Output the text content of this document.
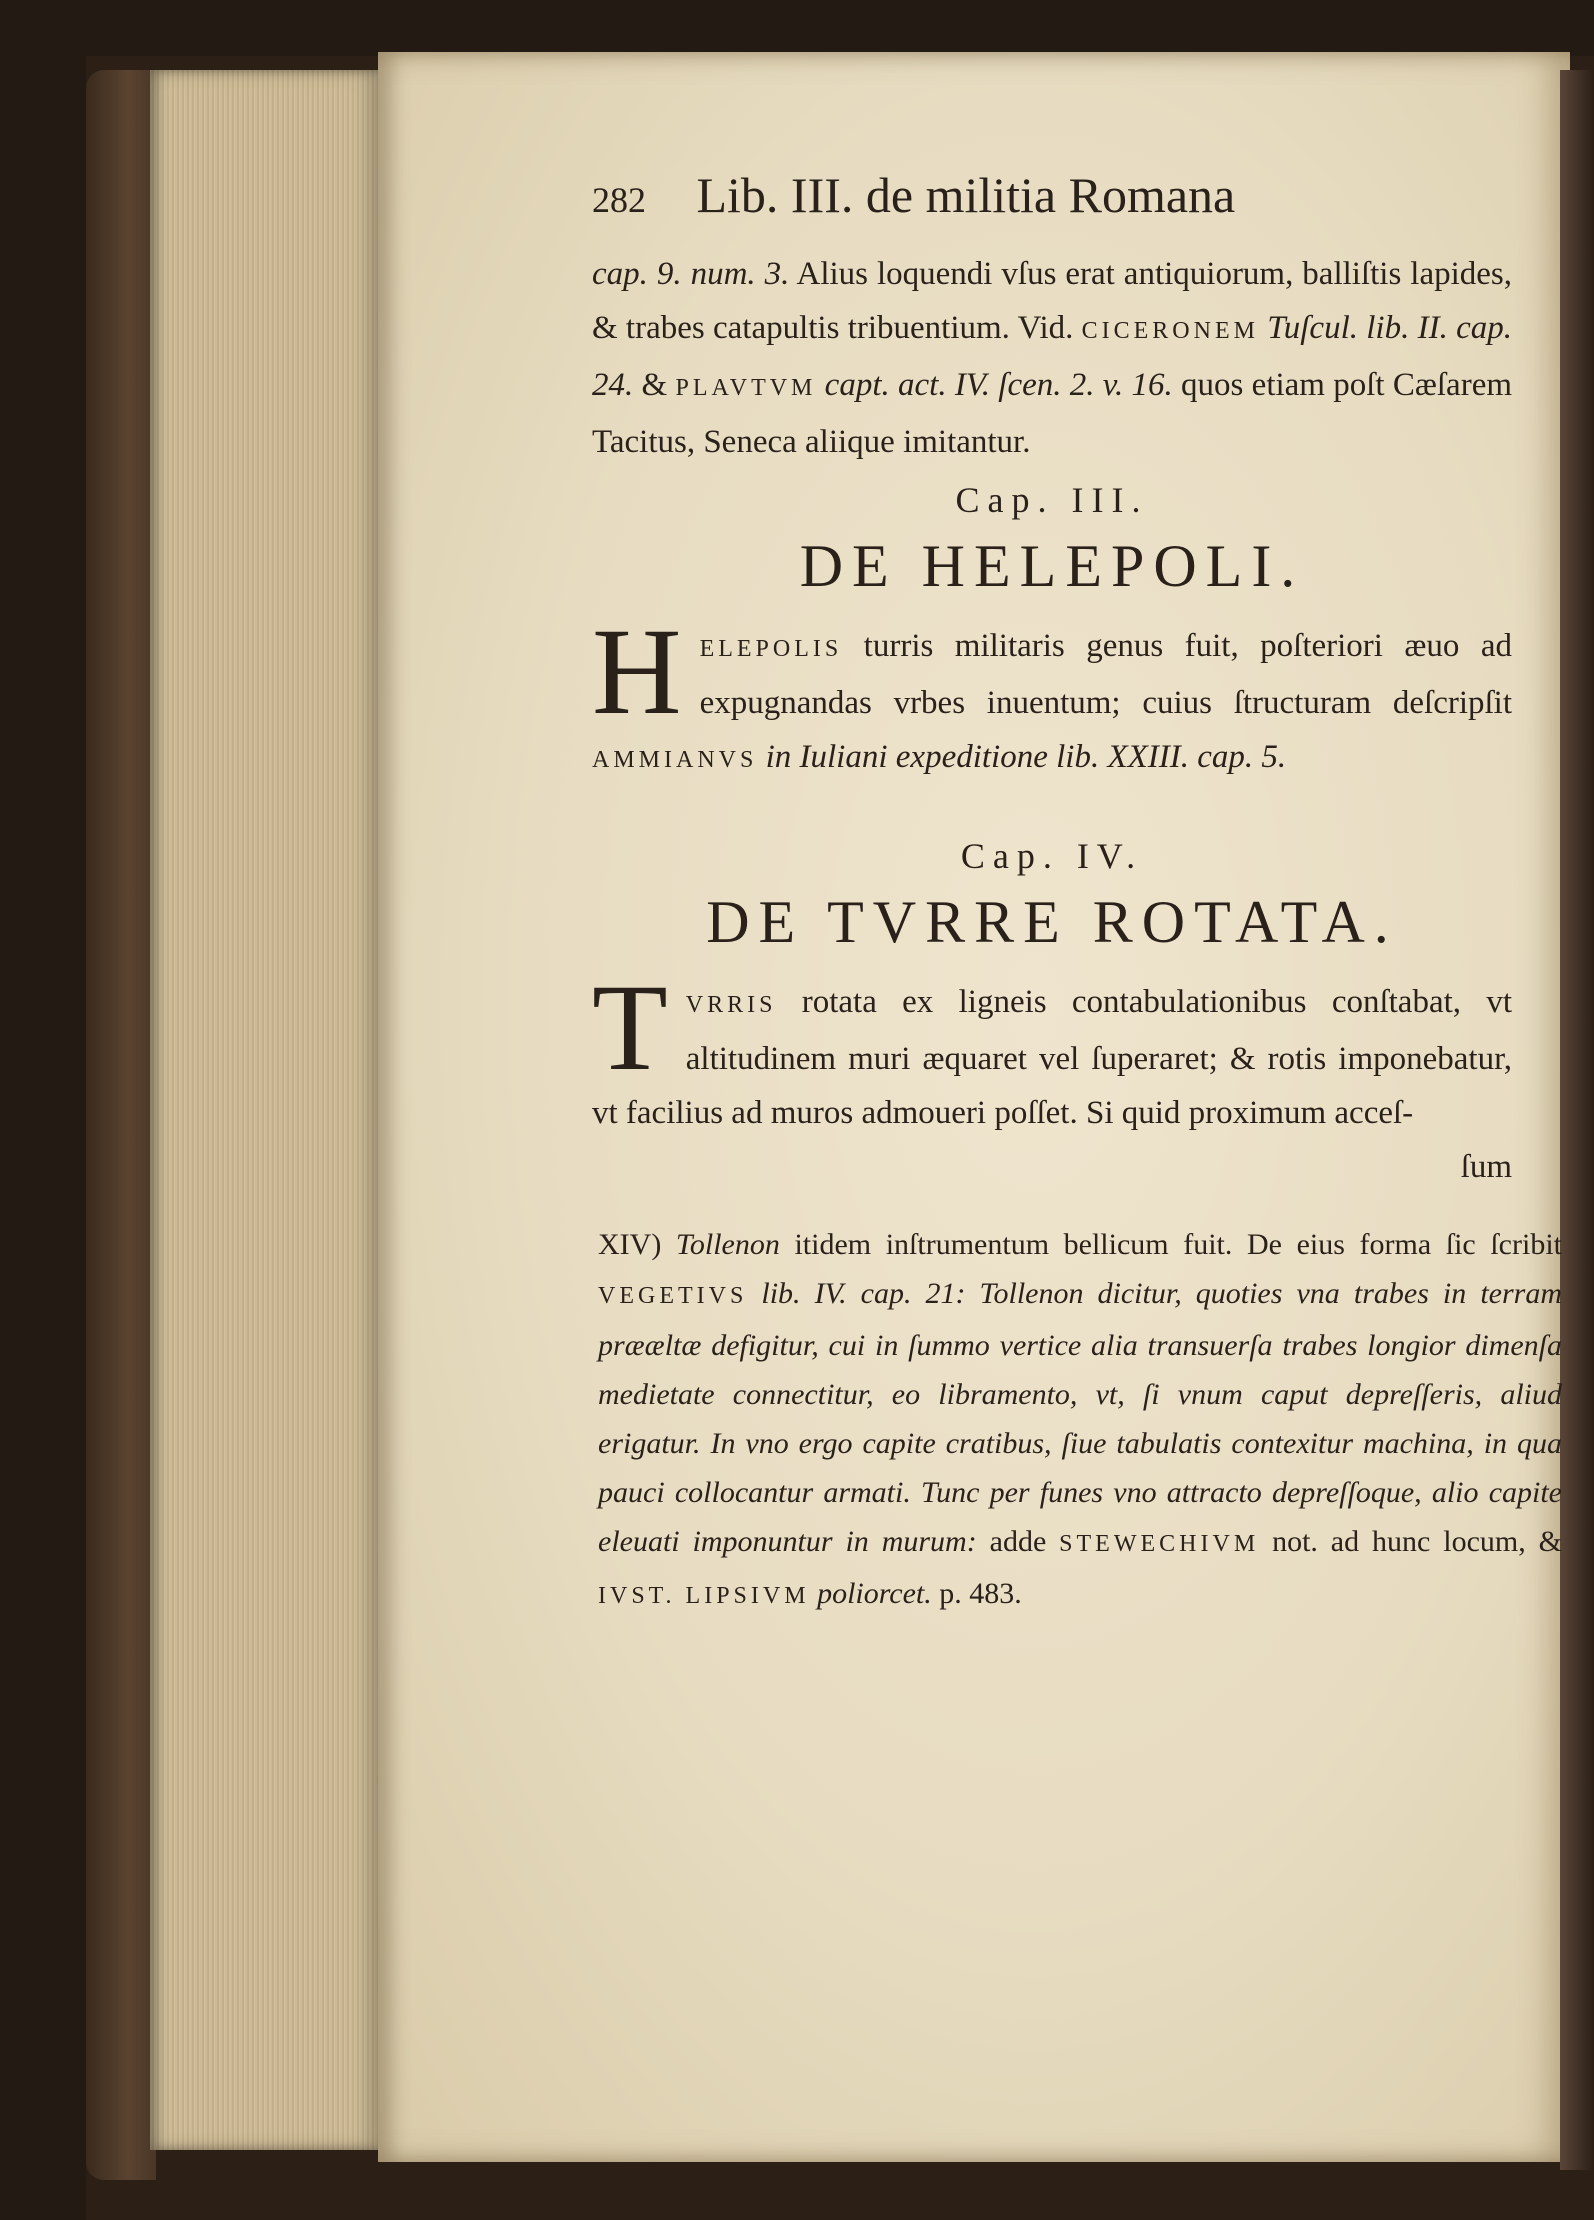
282 Lib. III. de militia Romana
cap. 9. num. 3. Alius loquendi vſus erat antiquiorum, balliſtis lapides, & trabes catapultis tribuentium. Vid. CICERONEM Tuſcul. lib. II. cap. 24. & PLAVTVM capt. act. IV. ſcen. 2. v. 16. quos etiam poſt Cæſarem Tacitus, Seneca aliique imitantur.
Cap. III.
DE HELEPOLI.
H ELEPOLIS turris militaris genus fuit, poſteriori æuo ad expugnandas vrbes inuentum; cuius ſtructuram deſcripſit AMMIANVS in Iuliani expeditione lib. XXIII. cap. 5.
Cap. IV.
DE TVRRE ROTATA.
T VRRIS rotata ex ligneis contabulationibus conſtabat, vt altitudinem muri æquaret vel ſuperaret; & rotis imponebatur, vt facilius ad muros admoueri poſſet. Si quid proximum acceſ-
ſum
XIV) Tollenon itidem inſtrumentum bellicum fuit. De eius forma ſic ſcribit VEGETIVS lib. IV. cap. 21: Tollenon dicitur, quoties vna trabes in terram prææltæ defigitur, cui in ſummo vertice alia transuerſa trabes longior dimenſa medietate connectitur, eo libramento, vt, ſi vnum caput depreſſeris, aliud erigatur. In vno ergo capite cratibus, ſiue tabulatis contexitur machina, in qua pauci collocantur armati. Tunc per funes vno attracto depreſſoque, alio capite eleuati imponuntur in murum: adde STEWECHIVM not. ad hunc locum, & IVST. LIPSIVM poliorcet. p. 483.
